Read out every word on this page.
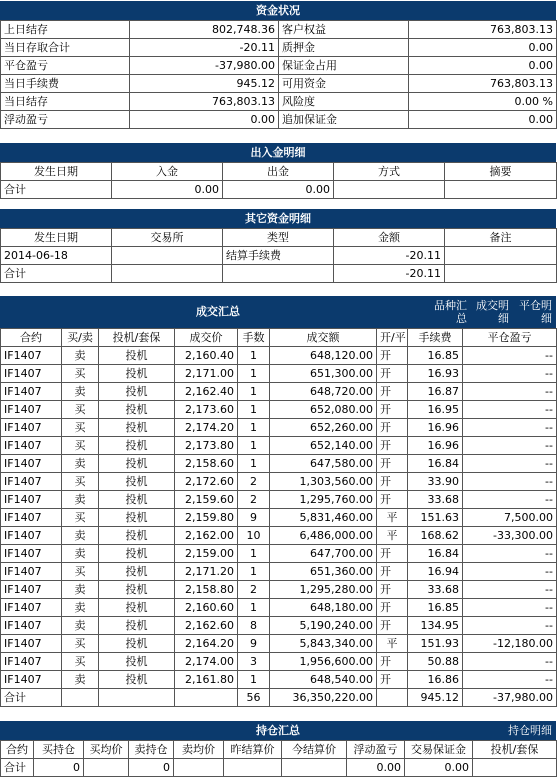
资金状况
上日结存	802,748.36	客户权益	763,803.13
当日存取合计	-20.11	质押金	0.00
平仓盈亏	-37,980.00	保证金占用	0.00
当日手续费	945.12	可用资金	763,803.13
当日结存	763,803.13	风险度	0.00 %
浮动盈亏	0.00	追加保证金	0.00
出入金明细
发生日期	入金	出金	方式	摘要
合计	0.00	0.00		
其它资金明细
发生日期	交易所	类型	金额	备注
2014-06-18		结算手续费	-20.11	
合计			-20.11	
成交汇总	品种汇总
成交明细
平仓明细
合约	买/卖	投机/套保	成交价	手数	成交额	开/平	手续费	平仓盈亏
IF1407	卖	投机	2,160.40	1	648,120.00	开	16.85	--
IF1407	买	投机	2,171.00	1	651,300.00	开	16.93	--
IF1407	卖	投机	2,162.40	1	648,720.00	开	16.87	--
IF1407	买	投机	2,173.60	1	652,080.00	开	16.95	--
IF1407	买	投机	2,174.20	1	652,260.00	开	16.96	--
IF1407	买	投机	2,173.80	1	652,140.00	开	16.96	--
IF1407	卖	投机	2,158.60	1	647,580.00	开	16.84	--
IF1407	买	投机	2,172.60	2	1,303,560.00	开	33.90	--
IF1407	卖	投机	2,159.60	2	1,295,760.00	开	33.68	--
IF1407	买	投机	2,159.80	9	5,831,460.00	平	151.63	7,500.00
IF1407	卖	投机	2,162.00	10	6,486,000.00	平	168.62	-33,300.00
IF1407	卖	投机	2,159.00	1	647,700.00	开	16.84	--
IF1407	买	投机	2,171.20	1	651,360.00	开	16.94	--
IF1407	卖	投机	2,158.80	2	1,295,280.00	开	33.68	--
IF1407	卖	投机	2,160.60	1	648,180.00	开	16.85	--
IF1407	卖	投机	2,162.60	8	5,190,240.00	开	134.95	--
IF1407	买	投机	2,164.20	9	5,843,340.00	平	151.93	-12,180.00
IF1407	买	投机	2,174.00	3	1,956,600.00	开	50.88	--
IF1407	卖	投机	2,161.80	1	648,540.00	开	16.86	--
合计				56	36,350,220.00		945.12	-37,980.00
持仓汇总	持仓明细
合约	买持仓	买均价	卖持仓	卖均价	昨结算价	今结算价	浮动盈亏	交易保证金	投机/套保
合计	0		0				0.00	0.00	
